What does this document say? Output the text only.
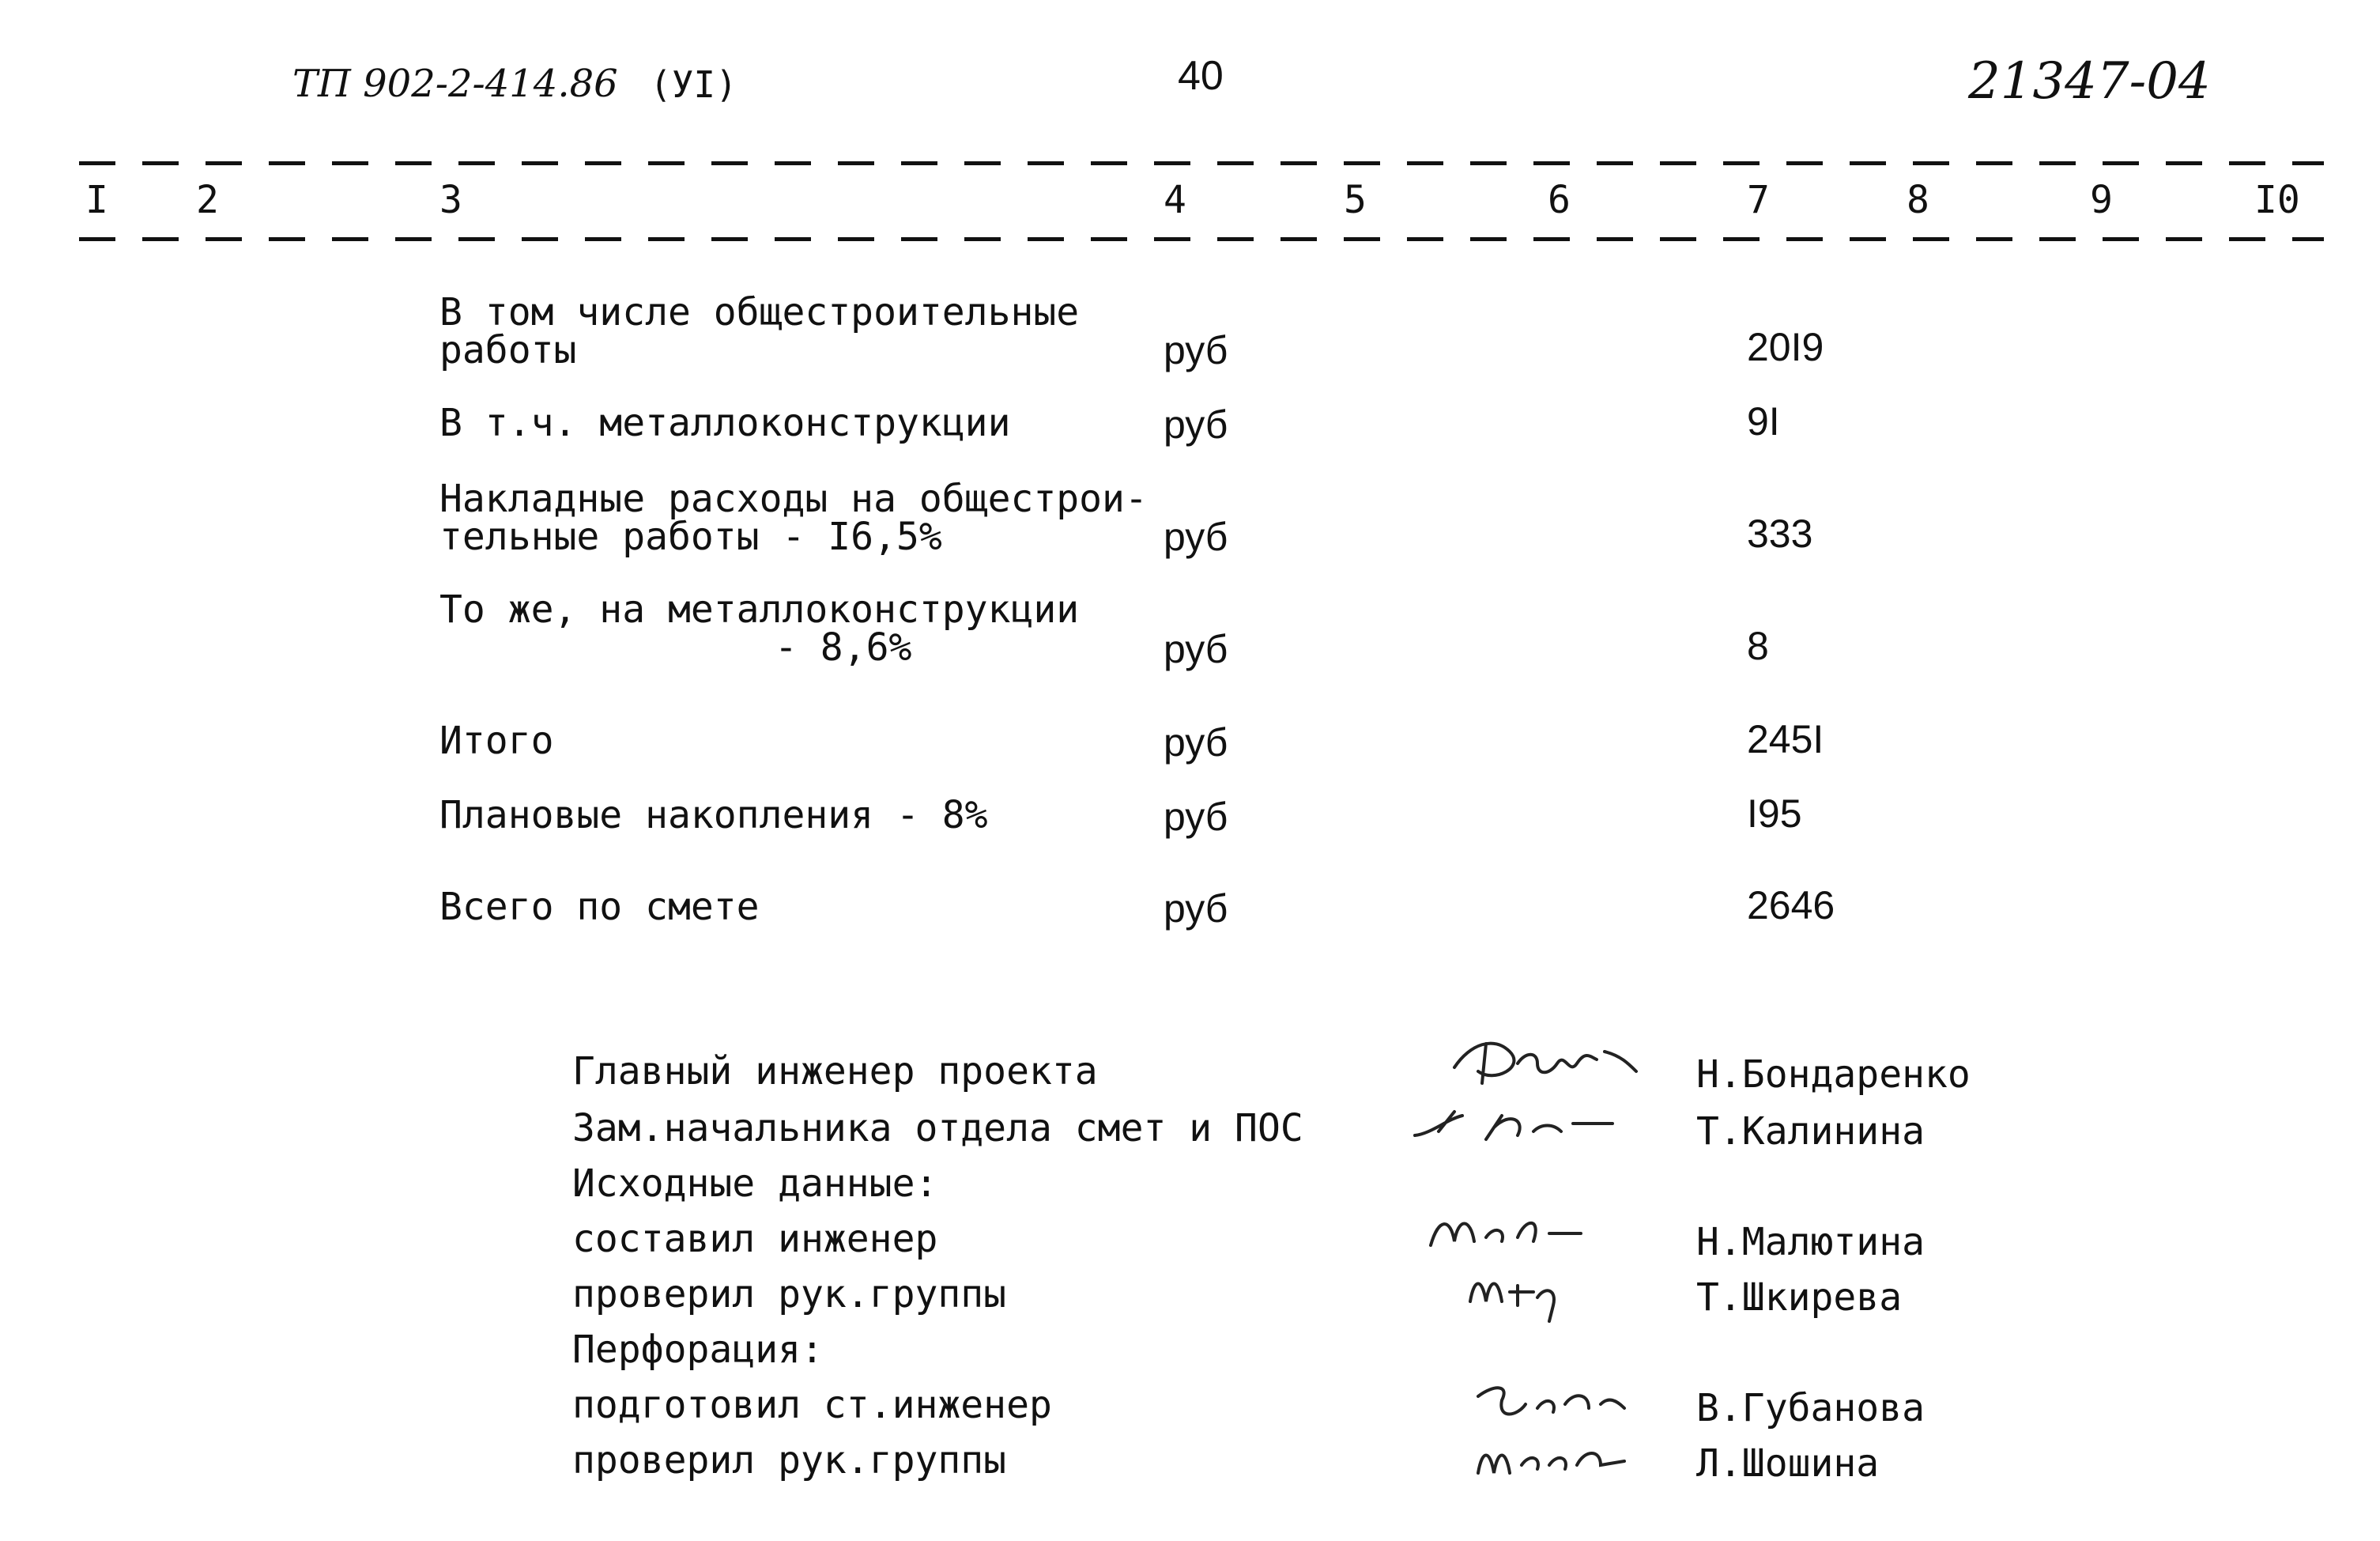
ТП 902-2-414.86 (УI)	40	21347-04
I 2	3	4	5	6	7	8	9	I0
В том числе общестроительные
работы	руб	20I9
В т.ч. металлоконструкции	руб	9I
Накладные расходы на общестрои-
тельные работы - I6,5%	руб	333
То же, на металлоконструкции
- 8,6%	руб	8
Итого	руб	245I
Плановые накопления - 8%	руб	I95
Всего по смете	руб	2646
Главный инженер проекта	Н.Бондаренко
Зам.начальника отдела смет и ПОС	Т.Калинина
Исходные данные:
составил инженер	Н.Малютина
проверил рук.группы	Т.Шкирева
Перфорация:
подготовил ст.инженер	В.Губанова
проверил рук.группы	Л.Шошина
